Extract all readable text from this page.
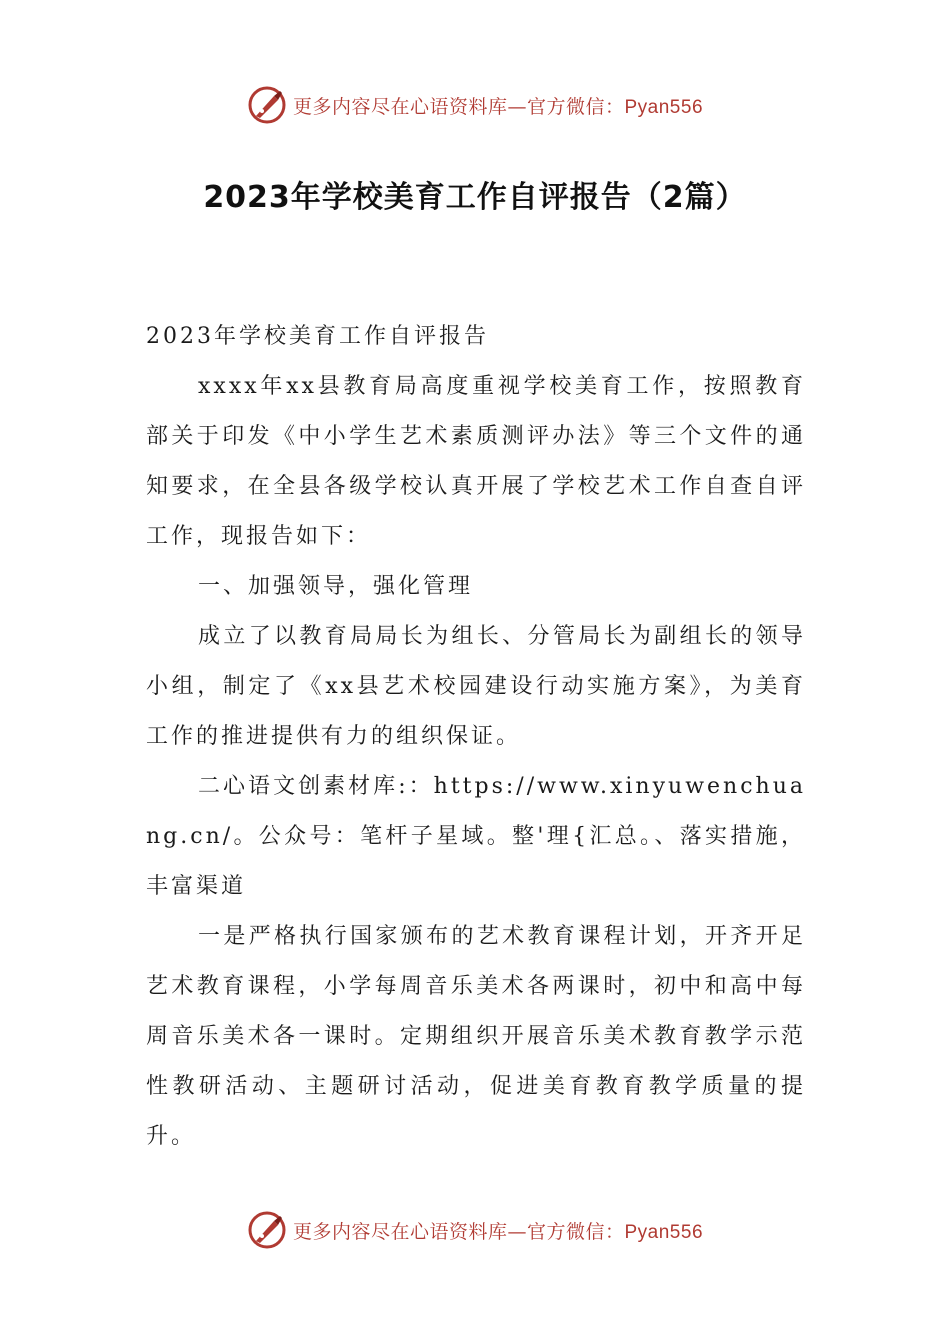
更多内容尽在心语资料库—官方微信：Pyan556
2023年学校美育工作自评报告（2篇）

2023年学校美育工作自评报告

xxxx年xx县教育局高度重视学校美育工作，按照教育部关于印发《中小学生艺术素质测评办法》等三个文件的通知要求，在全县各级学校认真开展了学校艺术工作自查自评工作，现报告如下：

一、加强领导，强化管理

成立了以教育局局长为组长、分管局长为副组长的领导小组，制定了《xx县艺术校园建设行动实施方案》，为美育工作的推进提供有力的组织保证。

二心语文创素材库:：https://www.xinyuwenchuang.cn/。公众号：笔杆子星域。整'理{汇总。、落实措施，丰富渠道

一是严格执行国家颁布的艺术教育课程计划，开齐开足艺术教育课程，小学每周音乐美术各两课时，初中和高中每周音乐美术各一课时。定期组织开展音乐美术教育教学示范性教研活动、主题研讨活动，促进美育教育教学质量的提升。

更多内容尽在心语资料库—官方微信：Pyan556
